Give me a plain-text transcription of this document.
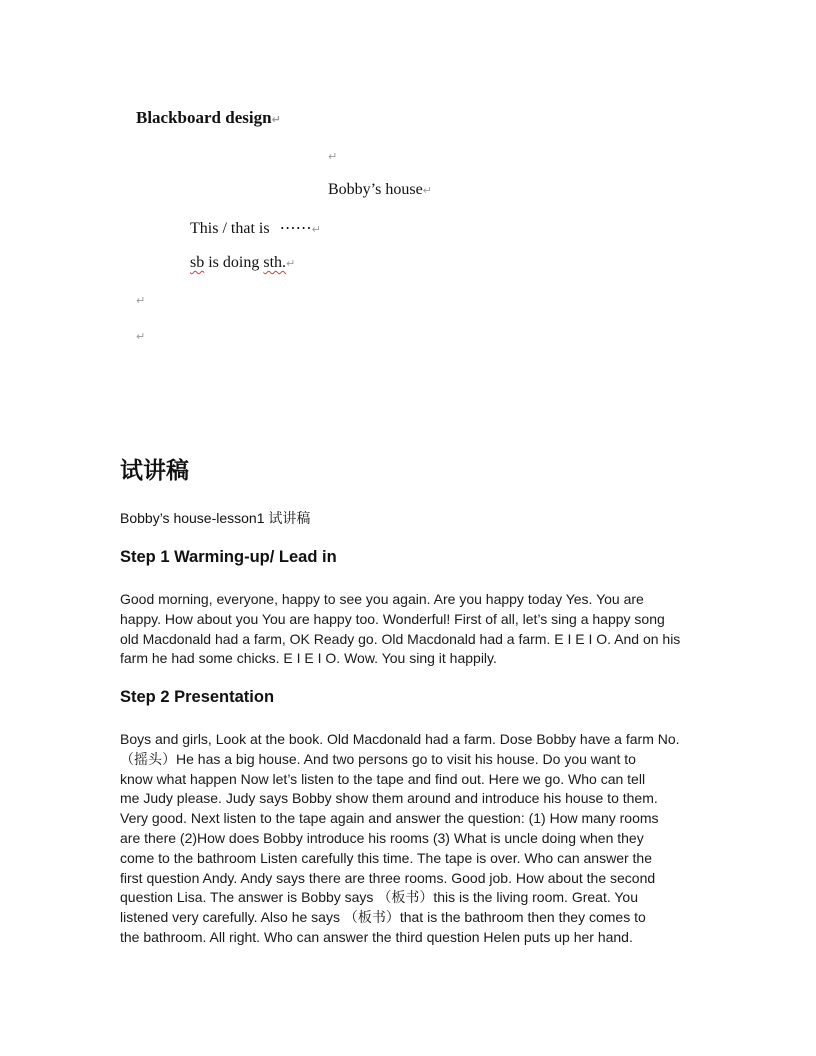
Blackboard design↵
↵
Bobby’s house↵
This / that is ⋯⋯↵
sb is doing sth.↵
↵
↵
试讲稿
Bobby’s house-lesson1 试讲稿
Step 1 Warming-up/ Lead in
Good morning, everyone, happy to see you again. Are you happy today Yes. You are
happy. How about you You are happy too. Wonderful! First of all, let’s sing a happy song
old Macdonald had a farm, OK Ready go. Old Macdonald had a farm. E I E I O. And on his
farm he had some chicks. E I E I O. Wow. You sing it happily.
Step 2 Presentation
Boys and girls, Look at the book. Old Macdonald had a farm. Dose Bobby have a farm No.
（摇头）He has a big house. And two persons go to visit his house. Do you want to
know what happen Now let’s listen to the tape and find out. Here we go. Who can tell
me Judy please. Judy says Bobby show them around and introduce his house to them.
Very good. Next listen to the tape again and answer the question: (1) How many rooms
are there (2)How does Bobby introduce his rooms (3) What is uncle doing when they
come to the bathroom Listen carefully this time. The tape is over. Who can answer the
first question Andy. Andy says there are three rooms. Good job. How about the second
question Lisa. The answer is Bobby says （板书）this is the living room. Great. You
listened very carefully. Also he says （板书）that is the bathroom then they comes to
the bathroom. All right. Who can answer the third question Helen puts up her hand.
